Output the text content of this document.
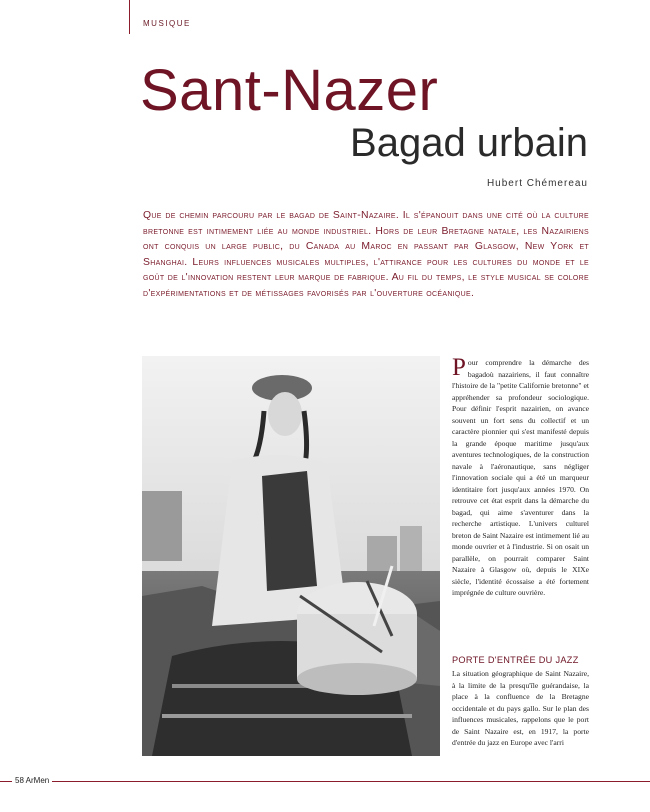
MUSIQUE
Sant-Nazer
Bagad urbain
Hubert Chémereau

Que de chemin parcouru par le bagad de Saint-Nazaire. Il s'épanouit dans une cité où la culture bretonne est intimement liée au monde industriel. Hors de leur Bretagne natale, les Nazairiens ont conquis un large public, du Canada au Maroc en passant par Glasgow, New York et Shanghai. Leurs influences musicales multiples, l'attirance pour les cultures du monde et le goût de l'innovation restent leur marque de fabrique. Au fil du temps, le style musical se colore d'expérimentations et de métissages favorisés par l'ouverture océanique.

Pour comprendre la démarche des bagadoù nazairiens, il faut connaître l'histoire de la "petite Californie bretonne" et appréhender sa profondeur sociologique. Pour définir l'esprit nazairien, on avance souvent un fort sens du collectif et un caractère pionnier qui s'est manifesté depuis la grande époque maritime jusqu'aux aventures technologiques, de la construction navale à l'aéronautique, sans négliger l'innovation sociale qui a été un marqueur identitaire fort jusqu'aux années 1970. On retrouve cet état esprit dans la démarche du bagad, qui aime s'aventurer dans la recherche artistique. L'univers culturel breton de Saint Nazaire est intimement lié au monde ouvrier et à l'industrie. Si on osait un parallèle, on pourrait comparer Saint Nazaire à Glasgow où, depuis le XIXe siècle, l'identité écossaise a été fortement imprégnée de culture ouvrière.

PORTE D'ENTRÉE DU JAZZ

La situation géographique de Saint Nazaire, à la limite de la presqu'île guérandaise, la place à la confluence de la Bretagne occidentale et du pays gallo. Sur le plan des influences musicales, rappelons que le port de Saint Nazaire est, en 1917, la porte d'entrée du jazz en Europe avec l'arri

58 ArMen
